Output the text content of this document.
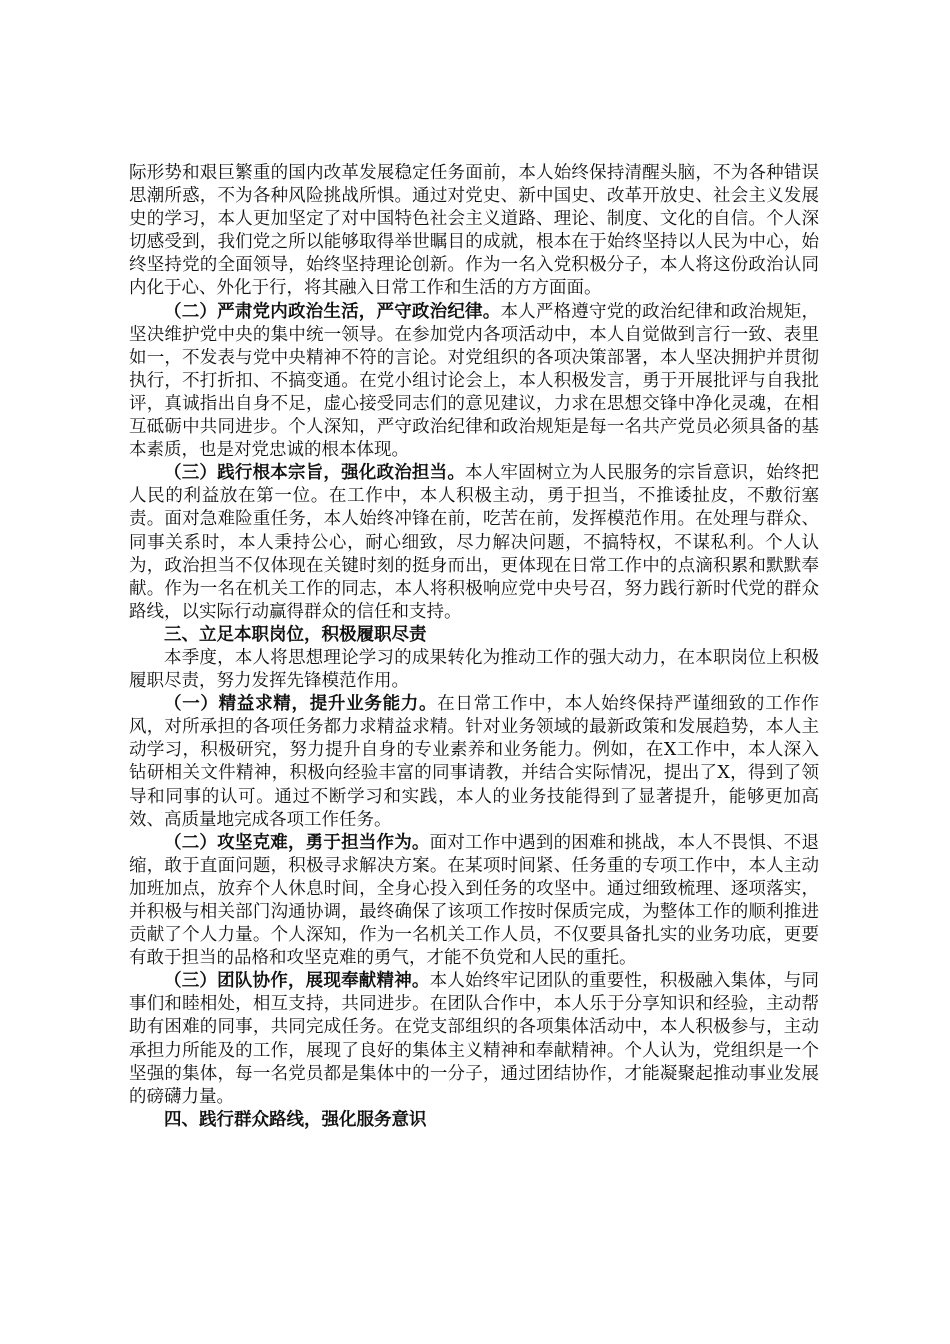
际形势和艰巨繁重的国内改革发展稳定任务面前，本人始终保持清醒头脑，不为各种错误思潮所惑，不为各种风险挑战所惧。通过对党史、新中国史、改革开放史、社会主义发展史的学习，本人更加坚定了对中国特色社会主义道路、理论、制度、文化的自信。个人深切感受到，我们党之所以能够取得举世瞩目的成就，根本在于始终坚持以人民为中心，始终坚持党的全面领导，始终坚持理论创新。作为一名入党积极分子，本人将这份政治认同内化于心、外化于行，将其融入日常工作和生活的方方面面。

（二）严肃党内政治生活，严守政治纪律。本人严格遵守党的政治纪律和政治规矩，坚决维护党中央的集中统一领导。在参加党内各项活动中，本人自觉做到言行一致、表里如一，不发表与党中央精神不符的言论。对党组织的各项决策部署，本人坚决拥护并贯彻执行，不打折扣、不搞变通。在党小组讨论会上，本人积极发言，勇于开展批评与自我批评，真诚指出自身不足，虚心接受同志们的意见建议，力求在思想交锋中净化灵魂，在相互砥砺中共同进步。个人深知，严守政治纪律和政治规矩是每一名共产党员必须具备的基本素质，也是对党忠诚的根本体现。

（三）践行根本宗旨，强化政治担当。本人牢固树立为人民服务的宗旨意识，始终把人民的利益放在第一位。在工作中，本人积极主动，勇于担当，不推诿扯皮，不敷衍塞责。面对急难险重任务，本人始终冲锋在前，吃苦在前，发挥模范作用。在处理与群众、同事关系时，本人秉持公心，耐心细致，尽力解决问题，不搞特权，不谋私利。个人认为，政治担当不仅体现在关键时刻的挺身而出，更体现在日常工作中的点滴积累和默默奉献。作为一名在机关工作的同志，本人将积极响应党中央号召，努力践行新时代党的群众路线，以实际行动赢得群众的信任和支持。

三、立足本职岗位，积极履职尽责

本季度，本人将思想理论学习的成果转化为推动工作的强大动力，在本职岗位上积极履职尽责，努力发挥先锋模范作用。

（一）精益求精，提升业务能力。在日常工作中，本人始终保持严谨细致的工作作风，对所承担的各项任务都力求精益求精。针对业务领域的最新政策和发展趋势，本人主动学习，积极研究，努力提升自身的专业素养和业务能力。例如，在X工作中，本人深入钻研相关文件精神，积极向经验丰富的同事请教，并结合实际情况，提出了X，得到了领导和同事的认可。通过不断学习和实践，本人的业务技能得到了显著提升，能够更加高效、高质量地完成各项工作任务。

（二）攻坚克难，勇于担当作为。面对工作中遇到的困难和挑战，本人不畏惧、不退缩，敢于直面问题，积极寻求解决方案。在某项时间紧、任务重的专项工作中，本人主动加班加点，放弃个人休息时间，全身心投入到任务的攻坚中。通过细致梳理、逐项落实，并积极与相关部门沟通协调，最终确保了该项工作按时保质完成，为整体工作的顺利推进贡献了个人力量。个人深知，作为一名机关工作人员，不仅要具备扎实的业务功底，更要有敢于担当的品格和攻坚克难的勇气，才能不负党和人民的重托。

（三）团队协作，展现奉献精神。本人始终牢记团队的重要性，积极融入集体，与同事们和睦相处，相互支持，共同进步。在团队合作中，本人乐于分享知识和经验，主动帮助有困难的同事，共同完成任务。在党支部组织的各项集体活动中，本人积极参与，主动承担力所能及的工作，展现了良好的集体主义精神和奉献精神。个人认为，党组织是一个坚强的集体，每一名党员都是集体中的一分子，通过团结协作，才能凝聚起推动事业发展的磅礴力量。

四、践行群众路线，强化服务意识
